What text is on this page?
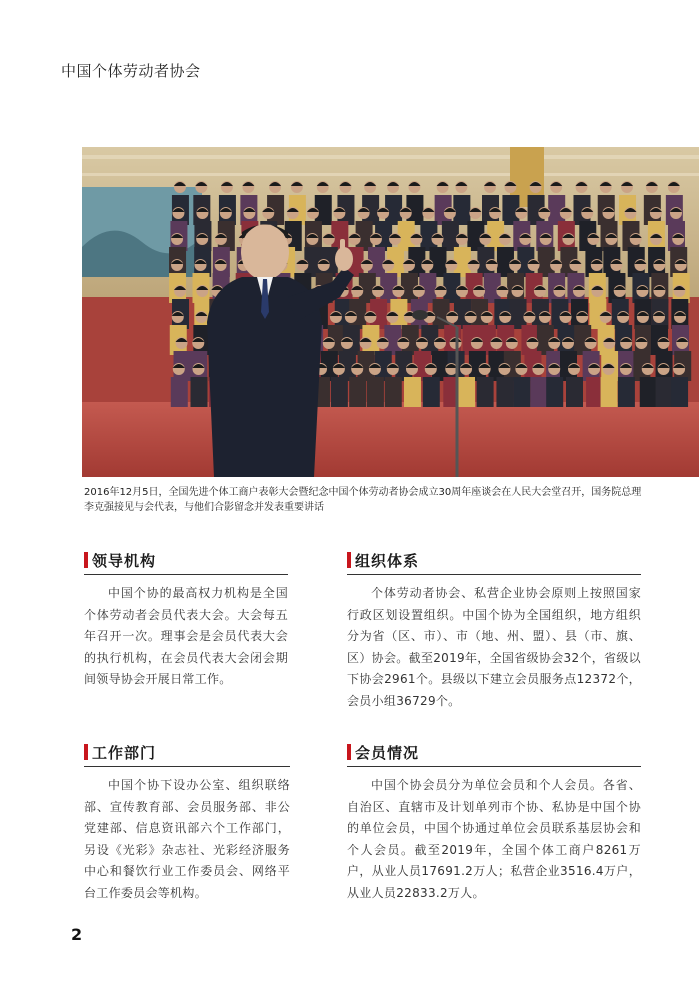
中国个体劳动者协会
2016年12月5日，全国先进个体工商户表彰大会暨纪念中国个体劳动者协会成立30周年座谈会在人民大会堂召开，国务院总理李克强接见与会代表，与他们合影留念并发表重要讲话
领导机构
中国个协的最高权力机构是全国个体劳动者会员代表大会。大会每五年召开一次。理事会是会员代表大会的执行机构，在会员代表大会闭会期间领导协会开展日常工作。
组织体系
个体劳动者协会、私营企业协会原则上按照国家行政区划设置组织。中国个协为全国组织，地方组织分为省（区、市）、市（地、州、盟）、县（市、旗、区）协会。截至2019年，全国省级协会32个，省级以下协会2961个。县级以下建立会员服务点12372个，会员小组36729个。
工作部门
中国个协下设办公室、组织联络部、宣传教育部、会员服务部、非公党建部、信息资讯部六个工作部门，另设《光彩》杂志社、光彩经济服务中心和餐饮行业工作委员会、网络平台工作委员会等机构。
会员情况
中国个协会员分为单位会员和个人会员。各省、自治区、直辖市及计划单列市个协、私协是中国个协的单位会员，中国个协通过单位会员联系基层协会和个人会员。截至2019年，全国个体工商户8261万户，从业人员17691.2万人；私营企业3516.4万户，从业人员22833.2万人。
2
